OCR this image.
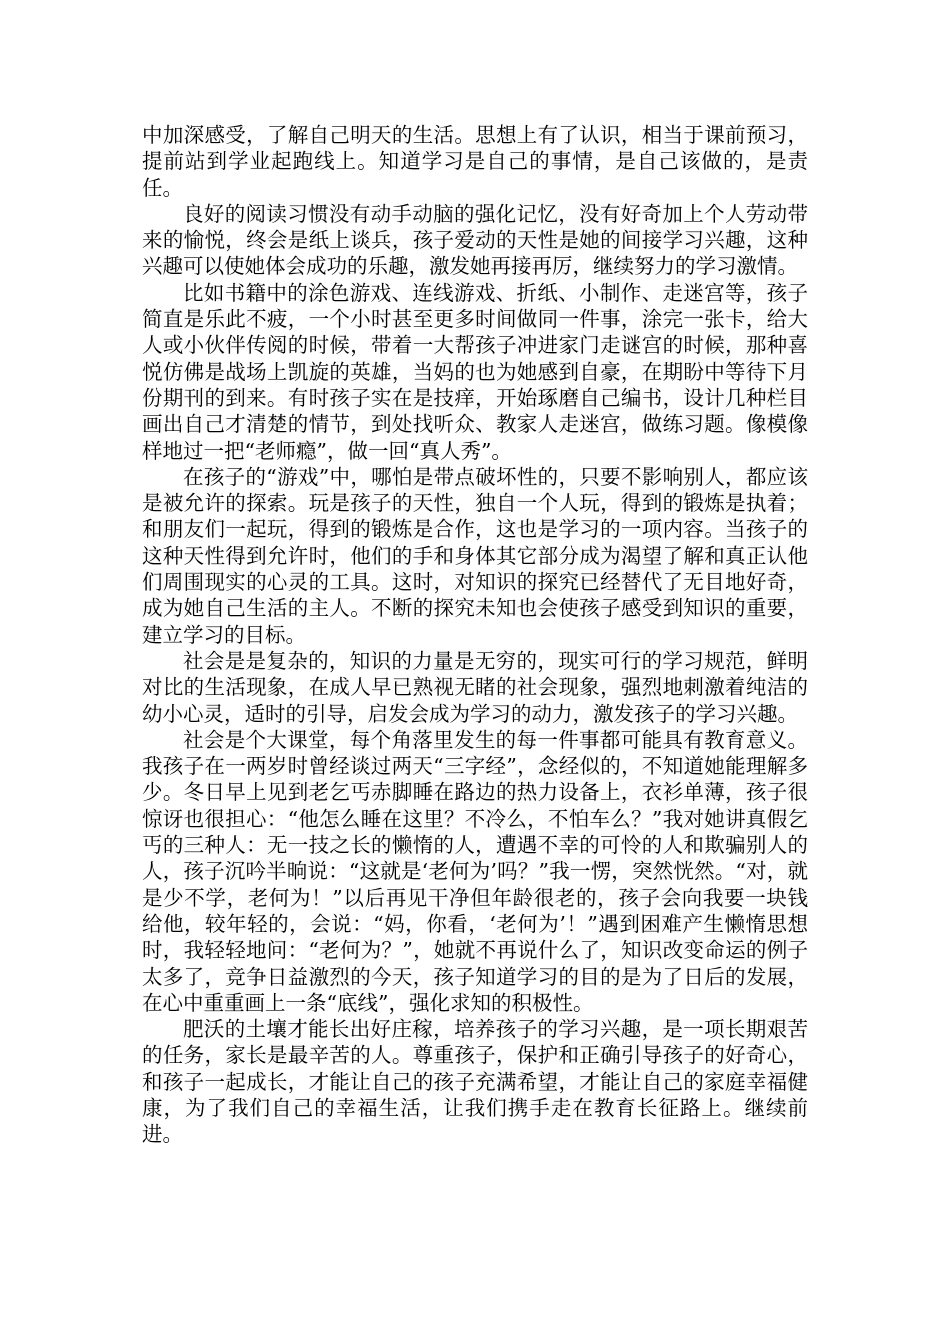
中加深感受，了解自己明天的生活。思想上有了认识，相当于课前预习，提前站到学业起跑线上。知道学习是自己的事情，是自己该做的，是责任。

良好的阅读习惯没有动手动脑的强化记忆，没有好奇加上个人劳动带来的愉悦，终会是纸上谈兵，孩子爱动的天性是她的间接学习兴趣，这种兴趣可以使她体会成功的乐趣，激发她再接再厉，继续努力的学习激情。

比如书籍中的涂色游戏、连线游戏、折纸、小制作、走迷宫等，孩子简直是乐此不疲，一个小时甚至更多时间做同一件事，涂完一张卡，给大人或小伙伴传阅的时候，带着一大帮孩子冲进家门走谜宫的时候，那种喜悦仿佛是战场上凯旋的英雄，当妈的也为她感到自豪，在期盼中等待下月份期刊的到来。有时孩子实在是技痒，开始琢磨自己编书，设计几种栏目画出自己才清楚的情节，到处找听众、教家人走迷宫，做练习题。像模像样地过一把“老师瘾”，做一回“真人秀”。

在孩子的“游戏”中，哪怕是带点破坏性的，只要不影响别人，都应该是被允许的探索。玩是孩子的天性，独自一个人玩，得到的锻炼是执着；和朋友们一起玩，得到的锻炼是合作，这也是学习的一项内容。当孩子的这种天性得到允许时，他们的手和身体其它部分成为渴望了解和真正认他们周围现实的心灵的工具。这时，对知识的探究已经替代了无目地好奇，成为她自己生活的主人。不断的探究未知也会使孩子感受到知识的重要，建立学习的目标。

社会是是复杂的，知识的力量是无穷的，现实可行的学习规范，鲜明对比的生活现象，在成人早已熟视无睹的社会现象，强烈地刺激着纯洁的幼小心灵，适时的引导，启发会成为学习的动力，激发孩子的学习兴趣。

社会是个大课堂，每个角落里发生的每一件事都可能具有教育意义。我孩子在一两岁时曾经谈过两天“三字经”，念经似的，不知道她能理解多少。冬日早上见到老乞丐赤脚睡在路边的热力设备上，衣衫单薄，孩子很惊讶也很担心：“他怎么睡在这里？不冷么，不怕车么？”我对她讲真假乞丐的三种人：无一技之长的懒惰的人，遭遇不幸的可怜的人和欺骗别人的人，孩子沉吟半晌说：“这就是‘老何为’吗？”我一愣，突然恍然。“对，就是少不学，老何为！”以后再见干净但年龄很老的，孩子会向我要一块钱给他，较年轻的，会说：“妈，你看，‘老何为’！”遇到困难产生懒惰思想时，我轻轻地问：“老何为？”，她就不再说什么了，知识改变命运的例子太多了，竞争日益激烈的今天，孩子知道学习的目的是为了日后的发展，在心中重重画上一条“底线”，强化求知的积极性。

肥沃的土壤才能长出好庄稼，培养孩子的学习兴趣，是一项长期艰苦的任务，家长是最辛苦的人。尊重孩子，保护和正确引导孩子的好奇心，和孩子一起成长，才能让自己的孩子充满希望，才能让自己的家庭幸福健康，为了我们自己的幸福生活，让我们携手走在教育长征路上。继续前进。
